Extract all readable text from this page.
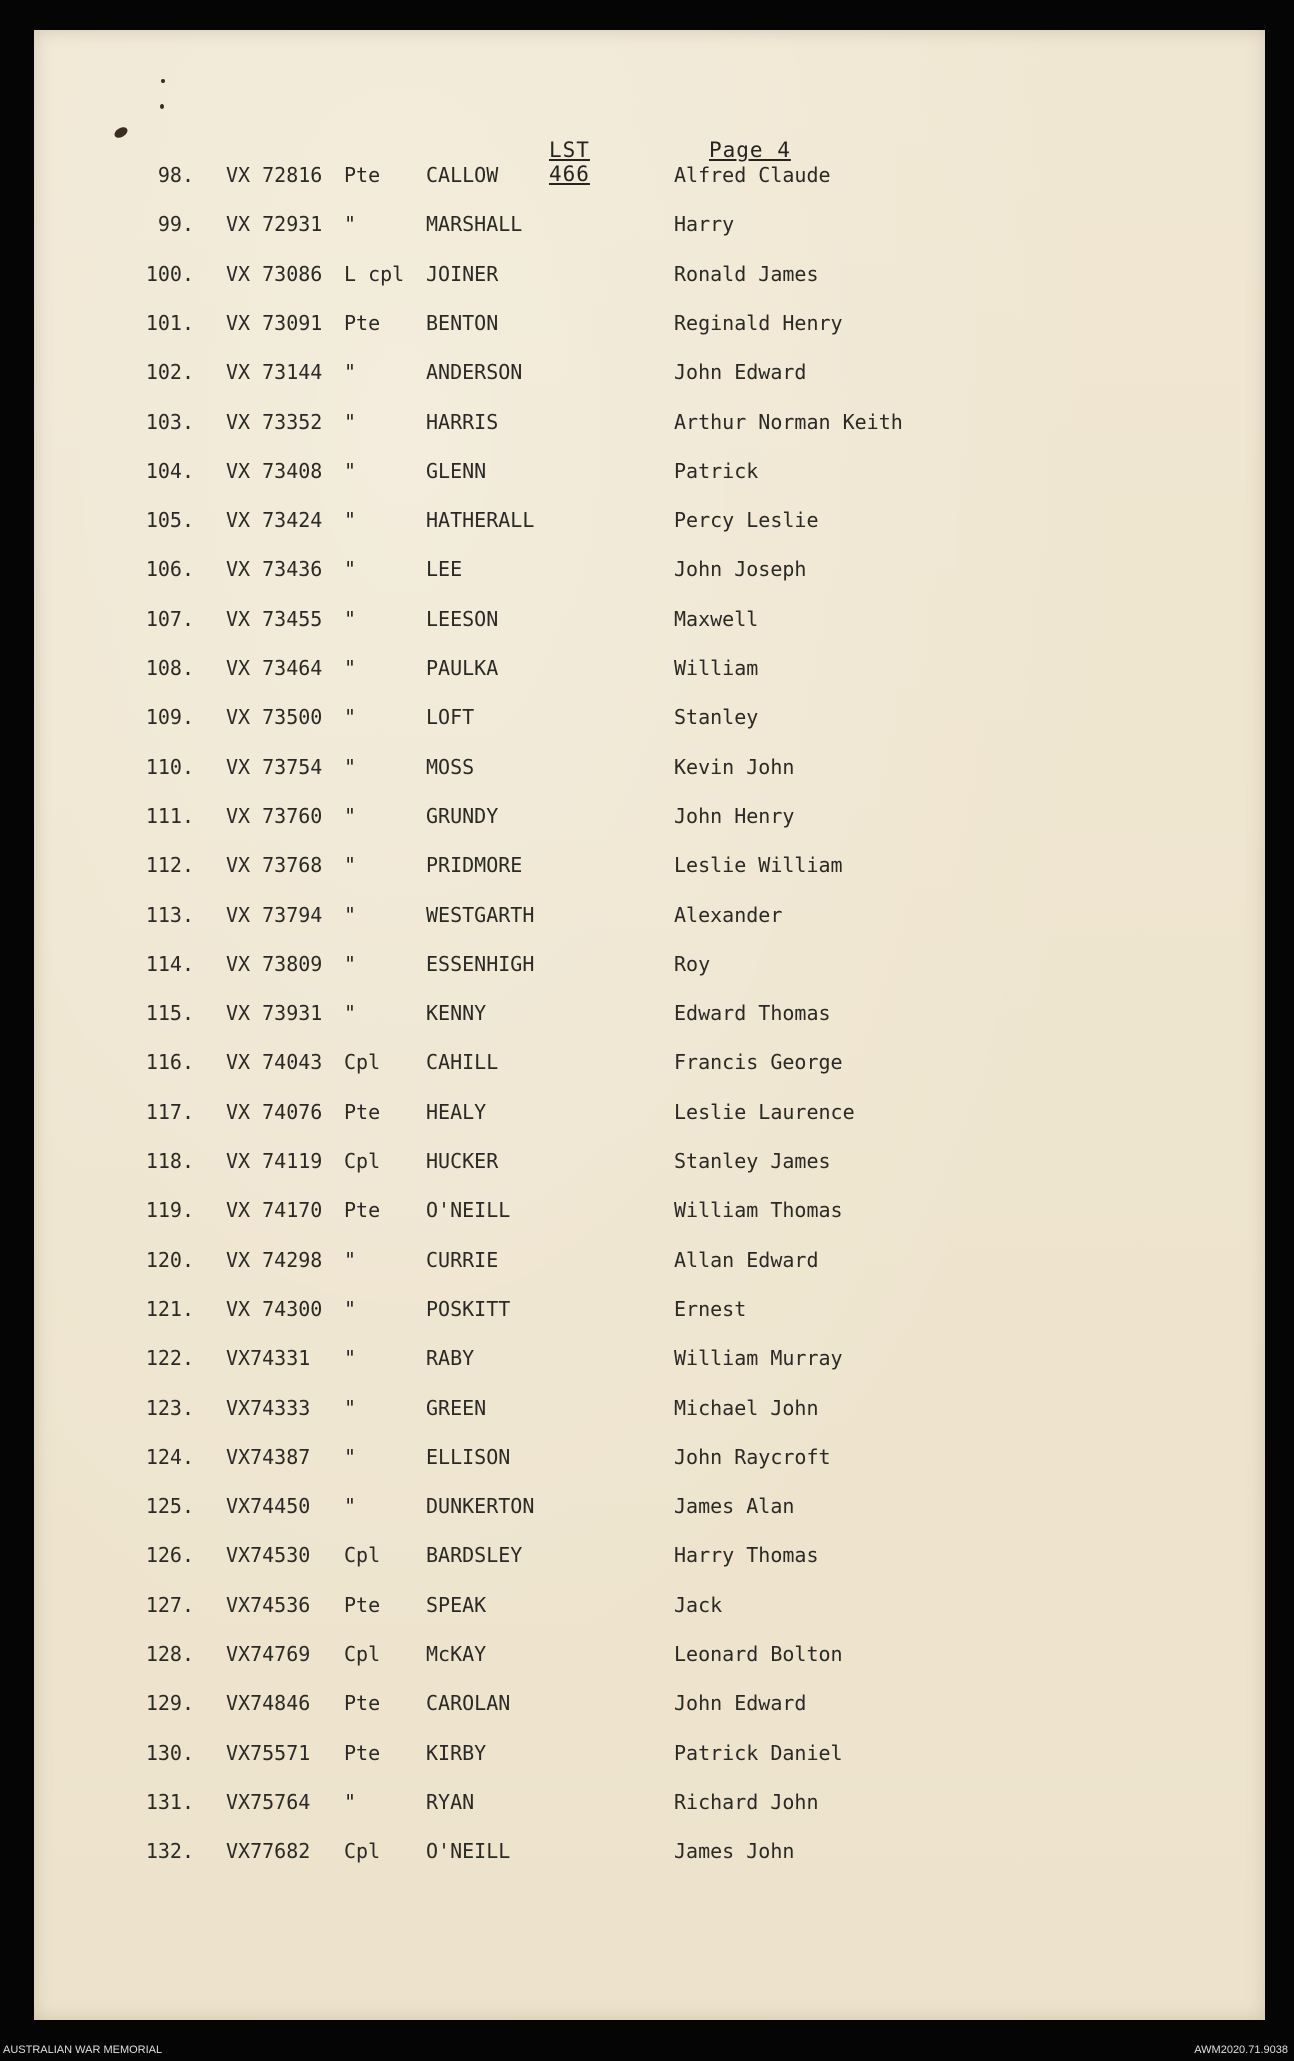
LST 466
Page 4
98. VX 72816 Pte CALLOW	Alfred Claude
99. VX 72931 "	MARSHALL	Harry
100. VX 73086 L cpl JOINER	Ronald James
101. VX 73091 Pte BENTON	Reginald Henry
102. VX 73144 "	ANDERSON	John Edward
103. VX 73352 "	HARRIS	Arthur Norman Keith
104. VX 73408 "	GLENN	Patrick
105. VX 73424 "	HATHERALL	Percy Leslie
106. VX 73436 "	LEE	John Joseph
107. VX 73455 "	LEESON	Maxwell
108. VX 73464 "	PAULKA	William
109. VX 73500 "	LOFT	Stanley
110. VX 73754 "	MOSS	Kevin John
111. VX 73760 "	GRUNDY	John Henry
112. VX 73768 "	PRIDMORE	Leslie William
113. VX 73794 "	WESTGARTH	Alexander
114. VX 73809 "	ESSENHIGH	Roy
115. VX 73931 "	KENNY	Edward Thomas
116. VX 74043 Cpl CAHILL	Francis George
117. VX 74076 Pte HEALY	Leslie Laurence
118. VX 74119 Cpl HUCKER	Stanley James
119. VX 74170 Pte O'NEILL	William Thomas
120. VX 74298 "	CURRIE	Allan Edward
121. VX 74300 "	POSKITT	Ernest
122. VX74331 "	RABY	William Murray
123. VX74333 "	GREEN	Michael John
124. VX74387 "	ELLISON	John Raycroft
125. VX74450 "	DUNKERTON	James Alan
126. VX74530 Cpl BARDSLEY	Harry Thomas
127. VX74536 Pte SPEAK	Jack
128. VX74769 Cpl McKAY	Leonard Bolton
129. VX74846 Pte CAROLAN	John Edward
130. VX75571 Pte KIRBY	Patrick Daniel
131. VX75764 "	RYAN	Richard John
132. VX77682 Cpl O'NEILL	James John
AUSTRALIAN WAR MEMORIAL	AWM2020.71.9038
